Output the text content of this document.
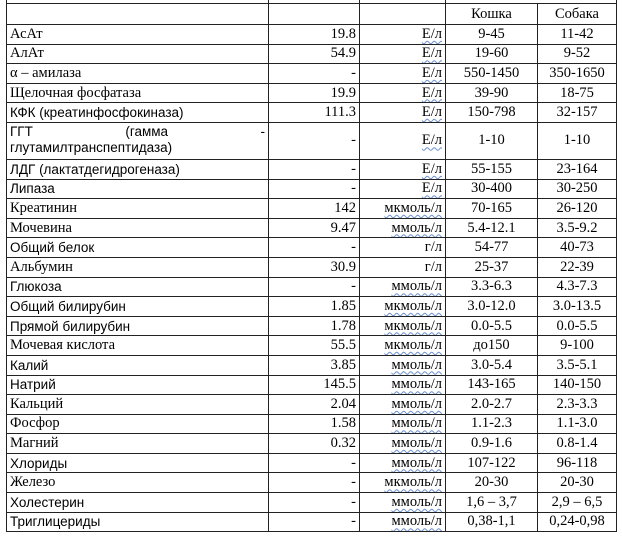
			Кошка	Собака
АсАт	19.8	Е/л	9-45	11-42
АлАт	54.9	Е/л	19-60	9-52
α – амилаза	-	Е/л	550-1450	350-1650
Щелочная фосфатаза	19.9	Е/л	39-90	18-75
КФК (креатинфосфокиназа)	111.3	Е/л	150-798	32-157

ГГТ (гамма -
глутамилтранспептидаза)	-	Е/л	1-10	1-10
ЛДГ (лактатдегидрогеназа)	-	Е/л	55-155	23-164
Липаза	-	Е/л	30-400	30-250
Креатинин	142	мкмоль/л	70-165	26-120
Мочевина	9.47	ммоль/л	5.4-12.1	3.5-9.2
Общий белок	-	г/л	54-77	40-73
Альбумин	30.9	г/л	25-37	22-39
Глюкоза	-	ммоль/л	3.3-6.3	4.3-7.3
Общий билирубин	1.85	мкмоль/л	3.0-12.0	3.0-13.5
Прямой билирубин	1.78	мкмоль/л	0.0-5.5	0.0-5.5
Мочевая кислота	55.5	мкмоль/л	до150	9-100
Калий	3.85	ммоль/л	3.0-5.4	3.5-5.1
Натрий	145.5	ммоль/л	143-165	140-150
Кальций	2.04	ммоль/л	2.0-2.7	2.3-3.3
Фосфор	1.58	ммоль/л	1.1-2.3	1.1-3.0
Магний	0.32	ммоль/л	0.9-1.6	0.8-1.4
Хлориды	-	ммоль/л	107-122	96-118
Железо	-	мкмоль/л	20-30	20-30
Холестерин	-	ммоль/л	1,6 – 3,7	2,9 – 6,5
Триглицериды	-	ммоль/л	0,38-1,1	0,24-0,98
